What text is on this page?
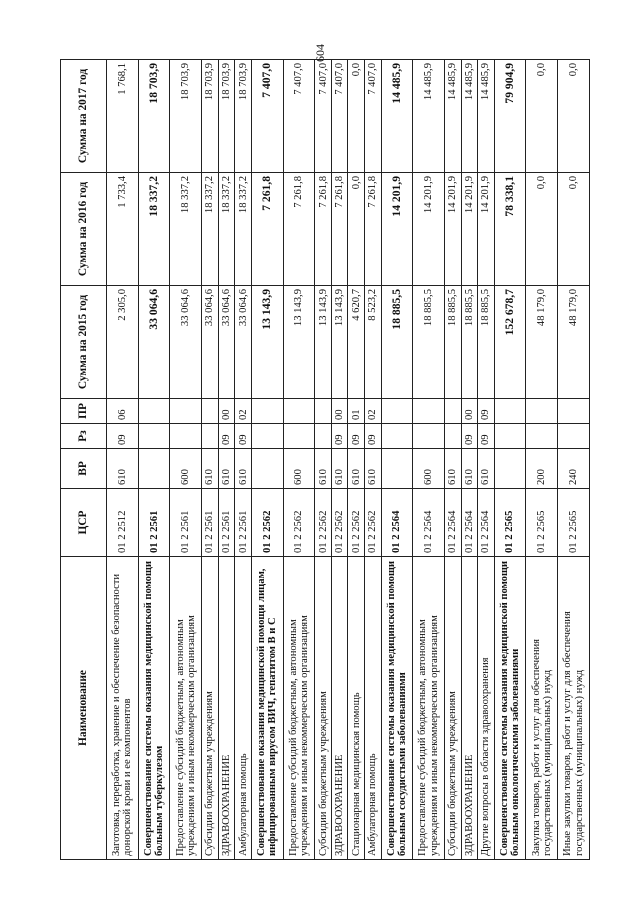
604
Наименование	ЦСР	ВР	Рз	ПР	Сумма на 2015 год	Сумма на 2016 год	Сумма на 2017 год
Заготовка, переработка, хранение и обеспечение безопасности донорской крови и ее компонентов	01 2 2512	610	09	06	2 305,0	1 733,4	1 768,1
Совершенствование системы оказания медицинской помощи больным туберкулезом	01 2 2561				33 064,6	18 337,2	18 703,9
Предоставление субсидий бюджетным, автономным учреждениям и иным некоммерческим организациям	01 2 2561	600			33 064,6	18 337,2	18 703,9
Субсидии бюджетным учреждениям	01 2 2561	610			33 064,6	18 337,2	18 703,9
ЗДРАВООХРАНЕНИЕ	01 2 2561	610	09	00	33 064,6	18 337,2	18 703,9
Амбулаторная помощь	01 2 2561	610	09	02	33 064,6	18 337,2	18 703,9
Совершенствование оказания медицинской помощи лицам, инфицированным вирусом ВИЧ, гепатитом В и С	01 2 2562				13 143,9	7 261,8	7 407,0
Предоставление субсидий бюджетным, автономным учреждениям и иным некоммерческим организациям	01 2 2562	600			13 143,9	7 261,8	7 407,0
Субсидии бюджетным учреждениям	01 2 2562	610			13 143,9	7 261,8	7 407,0
ЗДРАВООХРАНЕНИЕ	01 2 2562	610	09	00	13 143,9	7 261,8	7 407,0
Стационарная медицинская помощь	01 2 2562	610	09	01	4 620,7	0,0	0,0
Амбулаторная помощь	01 2 2562	610	09	02	8 523,2	7 261,8	7 407,0
Совершенствование системы оказания медицинской помощи больным сосудистыми заболеваниями	01 2 2564				18 885,5	14 201,9	14 485,9
Предоставление субсидий бюджетным, автономным учреждениям и иным некоммерческим организациям	01 2 2564	600			18 885,5	14 201,9	14 485,9
Субсидии бюджетным учреждениям	01 2 2564	610			18 885,5	14 201,9	14 485,9
ЗДРАВООХРАНЕНИЕ	01 2 2564	610	09	00	18 885,5	14 201,9	14 485,9
Другие вопросы в области здравоохранения	01 2 2564	610	09	09	18 885,5	14 201,9	14 485,9
Совершенствование системы оказания медицинской помощи больным онкологическими заболеваниями	01 2 2565				152 678,7	78 338,1	79 904,9
Закупка товаров, работ и услуг для обеспечения государственных (муниципальных) нужд	01 2 2565	200			48 179,0	0,0	0,0
Иные закупки товаров, работ и услуг для обеспечения государственных (муниципальных) нужд	01 2 2565	240			48 179,0	0,0	0,0
